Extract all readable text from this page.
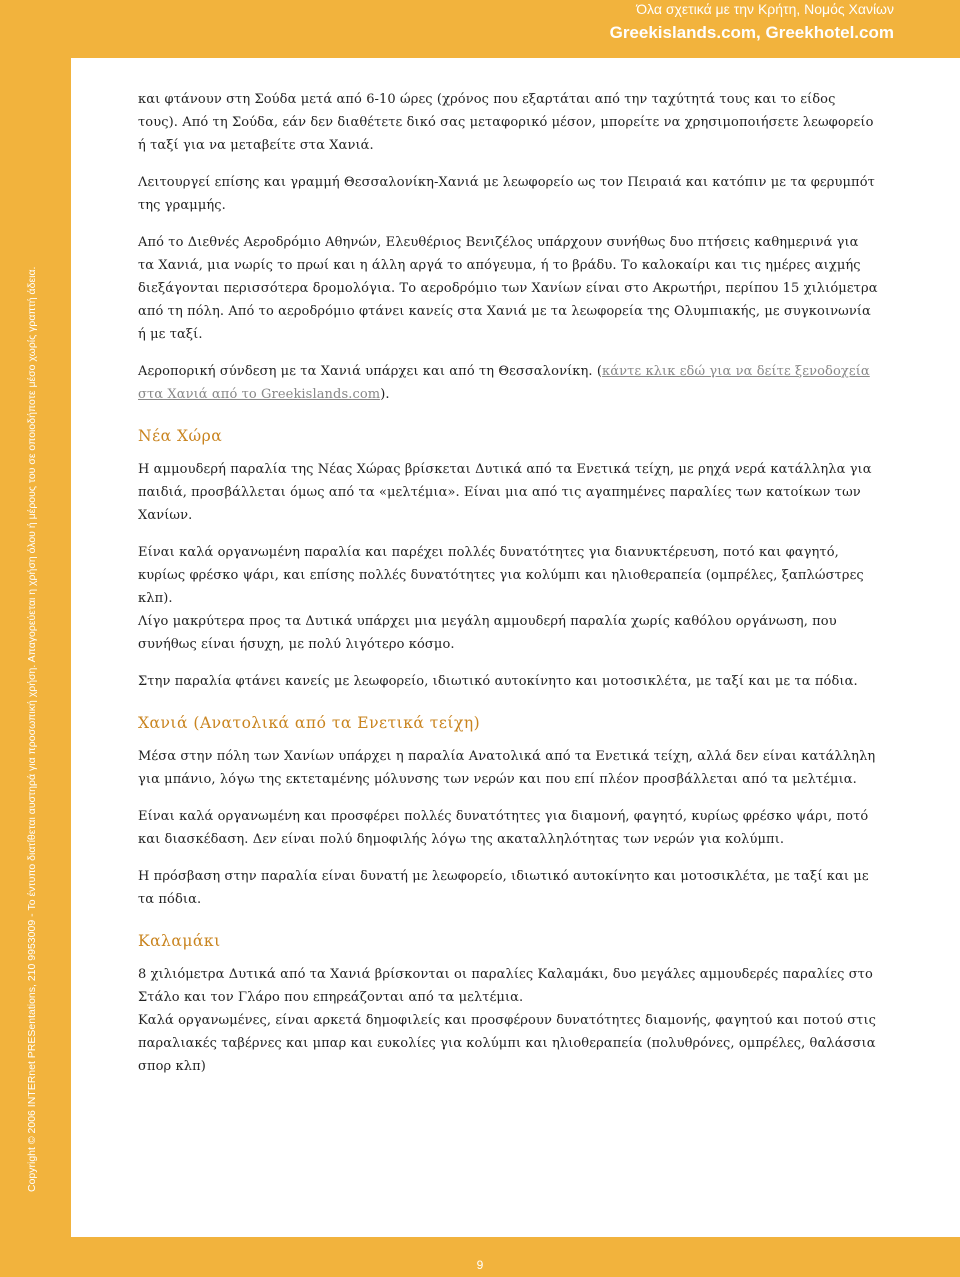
Όλα σχετικά με την Κρήτη, Νομός Χανίων
Greekislands.com, Greekhotel.com
Copyright © 2006 INTERnet PRESentations, 210 9953009 - Το έντυπο διατίθεται αυστηρά για προσωπική χρήση. Απαγορεύεται η χρήση όλου ή μέρους του σε οποιοδήποτε μέσο χωρίς γραπτή άδεια.

και φτάνουν στη Σούδα μετά από 6-10 ώρες (χρόνος που εξαρτάται από την ταχύτητά τους και το είδος τους). Από τη Σούδα, εάν δεν διαθέτετε δικό σας μεταφορικό μέσον, μπορείτε να χρησιμοποιήσετε λεωφορείο ή ταξί για να μεταβείτε στα Χανιά.

Λειτουργεί επίσης και γραμμή Θεσσαλονίκη-Χανιά με λεωφορείο ως τον Πειραιά και κατόπιν με τα φερυμπότ της γραμμής.

Από το Διεθνές Αεροδρόμιο Αθηνών, Ελευθέριος Βενιζέλος υπάρχουν συνήθως δυο πτήσεις καθημερινά για τα Χανιά, μια νωρίς το πρωί και η άλλη αργά το απόγευμα, ή το βράδυ. Το καλοκαίρι και τις ημέρες αιχμής διεξάγονται περισσότερα δρομολόγια. Το αεροδρόμιο των Χανίων είναι στο Ακρωτήρι, περίπου 15 χιλιόμετρα από τη πόλη. Από το αεροδρόμιο φτάνει κανείς στα Χανιά με τα λεωφορεία της Ολυμπιακής, με συγκοινωνία ή με ταξί.

Αεροπορική σύνδεση με τα Χανιά υπάρχει και από τη Θεσσαλονίκη. (κάντε κλικ εδώ για να δείτε ξενοδοχεία στα Χανιά από το Greekislands.com).

Νέα Χώρα

Η αμμουδερή παραλία της Νέας Χώρας βρίσκεται Δυτικά από τα Ενετικά τείχη, με ρηχά νερά κατάλληλα για παιδιά, προσβάλλεται όμως από τα «μελτέμια». Είναι μια από τις αγαπημένες παραλίες των κατοίκων των Χανίων.

Είναι καλά οργανωμένη παραλία και παρέχει πολλές δυνατότητες για διανυκτέρευση, ποτό και φαγητό, κυρίως φρέσκο ψάρι, και επίσης πολλές δυνατότητες για κολύμπι και ηλιοθεραπεία (ομπρέλες, ξαπλώστρες κλπ).

Λίγο μακρύτερα προς τα Δυτικά υπάρχει μια μεγάλη αμμουδερή παραλία χωρίς καθόλου οργάνωση, που συνήθως είναι ήσυχη, με πολύ λιγότερο κόσμο.

Στην παραλία φτάνει κανείς με λεωφορείο, ιδιωτικό αυτοκίνητο και μοτοσικλέτα, με ταξί και με τα πόδια.

Χανιά (Ανατολικά από τα Ενετικά τείχη)

Μέσα στην πόλη των Χανίων υπάρχει η παραλία Ανατολικά από τα Ενετικά τείχη, αλλά δεν είναι κατάλληλη για μπάνιο, λόγω της εκτεταμένης μόλυνσης των νερών και που επί πλέον προσβάλλεται από τα μελτέμια.

Είναι καλά οργανωμένη και προσφέρει πολλές δυνατότητες για διαμονή, φαγητό, κυρίως φρέσκο ψάρι, ποτό και διασκέδαση. Δεν είναι πολύ δημοφιλής λόγω της ακαταλληλότητας των νερών για κολύμπι.

Η πρόσβαση στην παραλία είναι δυνατή με λεωφορείο, ιδιωτικό αυτοκίνητο και μοτοσικλέτα, με ταξί και με τα πόδια.

Καλαμάκι

8 χιλιόμετρα Δυτικά από τα Χανιά βρίσκονται οι παραλίες Καλαμάκι, δυο μεγάλες αμμουδερές παραλίες στο Στάλο και τον Γλάρο που επηρεάζονται από τα μελτέμια.

Καλά οργανωμένες, είναι αρκετά δημοφιλείς και προσφέρουν δυνατότητες διαμονής, φαγητού και ποτού στις παραλιακές ταβέρνες και μπαρ και ευκολίες για κολύμπι και ηλιοθεραπεία (πολυθρόνες, ομπρέλες, θαλάσσια σπορ κλπ)

9
